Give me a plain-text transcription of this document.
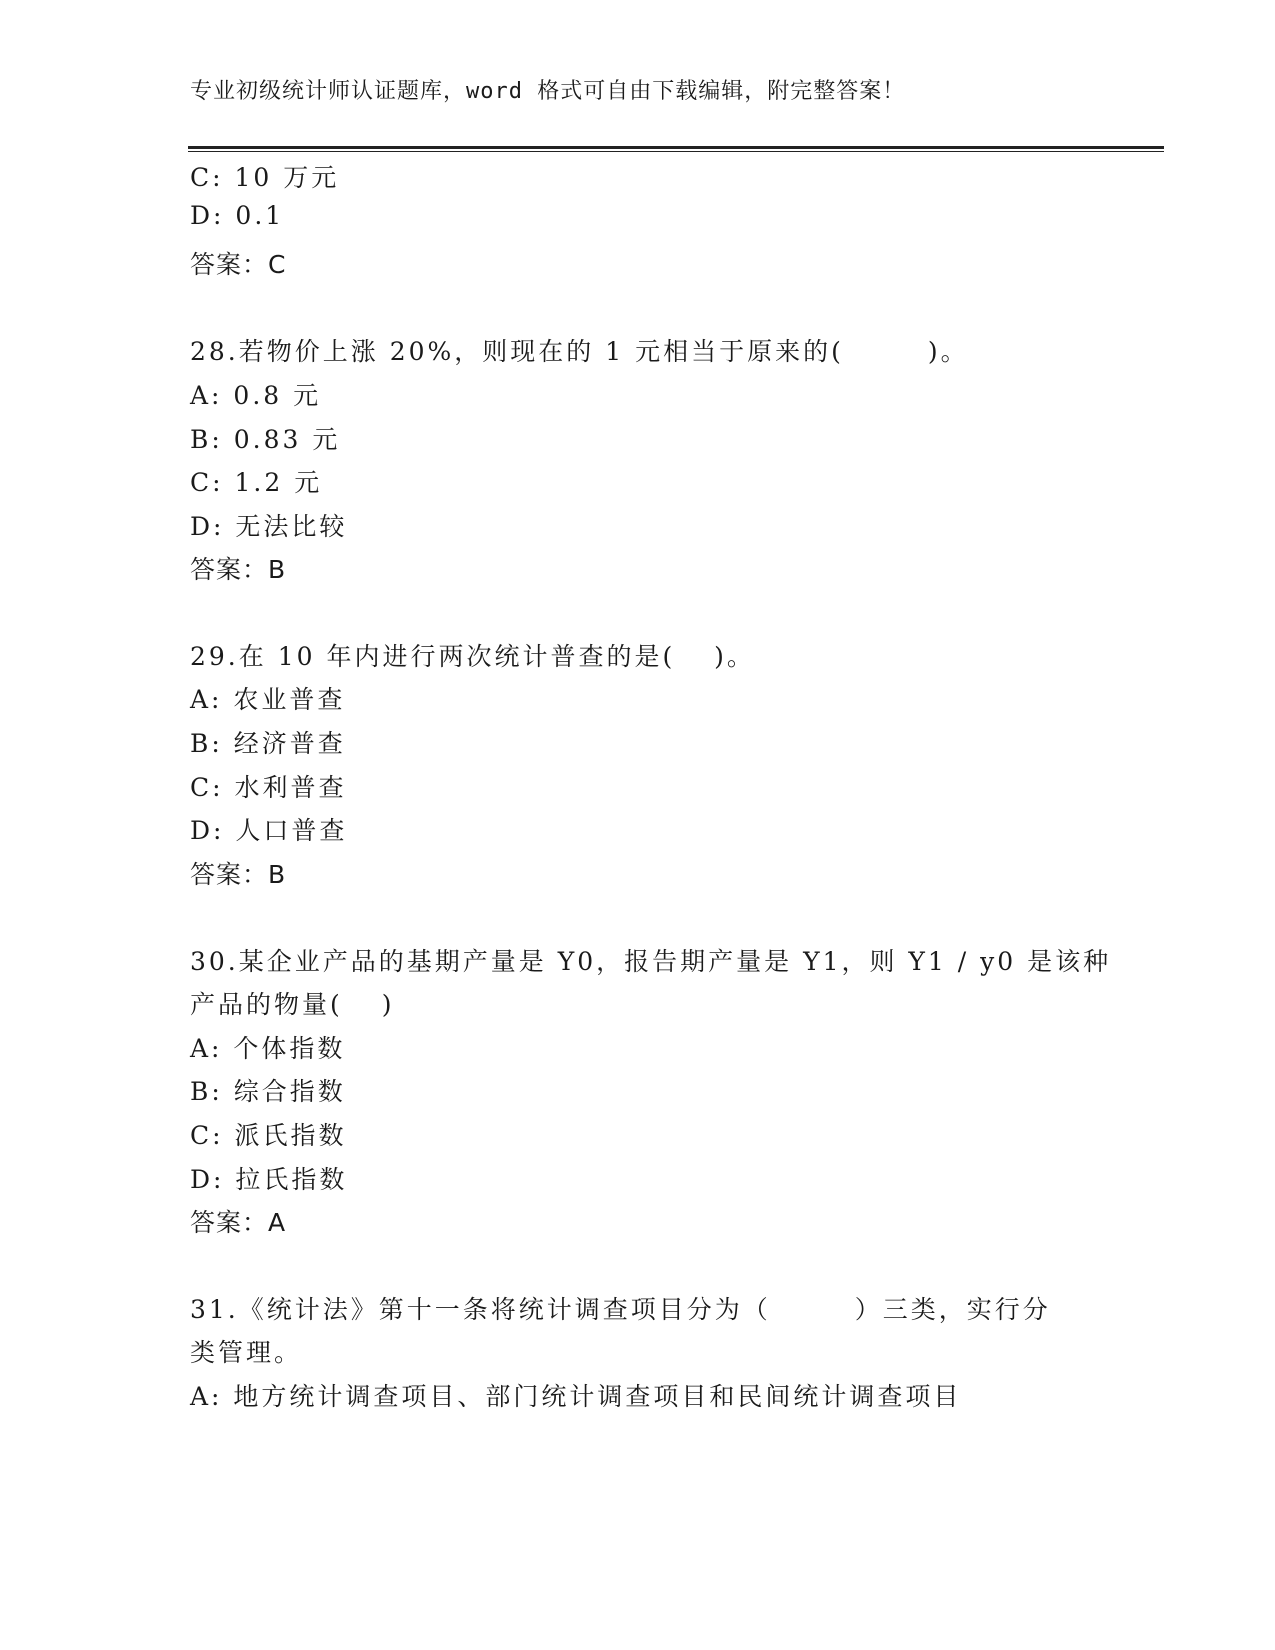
专业初级统计师认证题库，word 格式可自由下载编辑，附完整答案！
C: 10 万元
D: 0.1
答案：C
28.若物价上涨 20%，则现在的 1 元相当于原来的(　　　)。
A: 0.8 元
B: 0.83 元
C: 1.2 元
D: 无法比较
答案：B
29.在 10 年内进行两次统计普查的是(　 )。
A: 农业普查
B: 经济普查
C: 水利普查
D: 人口普查
答案：B
30.某企业产品的基期产量是 Y0，报告期产量是 Y1，则 Y1 / y0 是该种
产品的物量(　 )
A: 个体指数
B: 综合指数
C: 派氏指数
D: 拉氏指数
答案：A
31.《统计法》第十一条将统计调查项目分为（　　　）三类，实行分
类管理。
A: 地方统计调查项目、部门统计调查项目和民间统计调查项目
